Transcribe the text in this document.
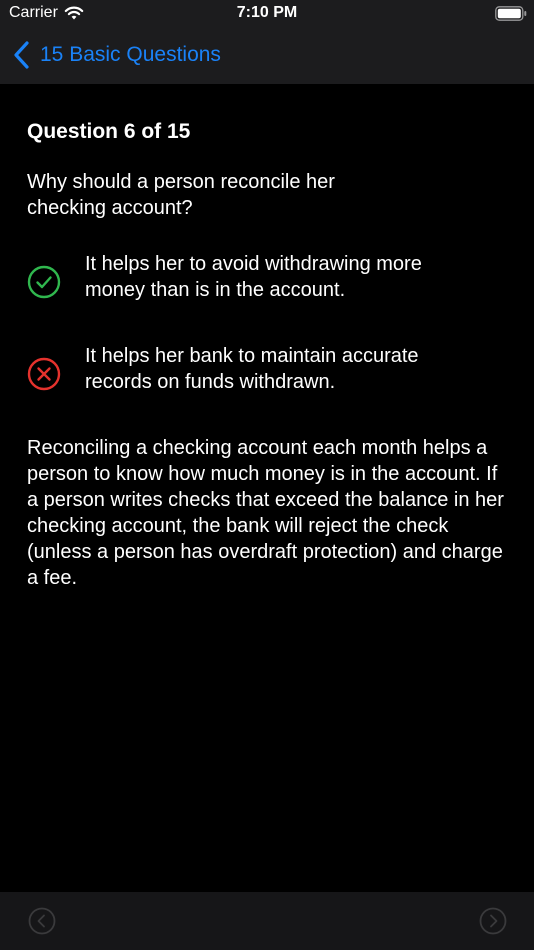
Carrier	7:10 PM
15 Basic Questions
Question 6 of 15
Why should a person reconcile her checking account?
It helps her to avoid withdrawing more money than is in the account.
It helps her bank to maintain accurate records on funds withdrawn.
Reconciling a checking account each month helps a person to know how much money is in the account. If a person writes checks that exceed the balance in her checking account, the bank will reject the check (unless a person has overdraft protection) and charge a fee.
